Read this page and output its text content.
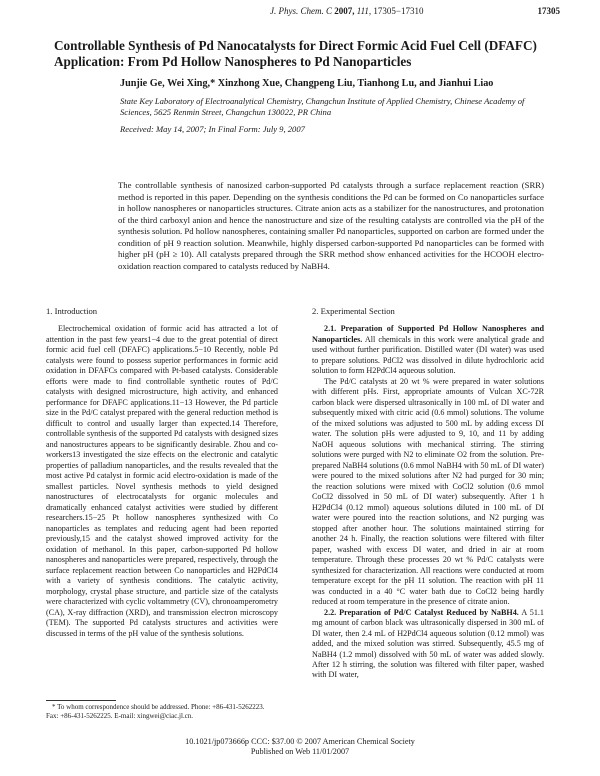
J. Phys. Chem. C 2007, 111, 17305−17310	17305
Controllable Synthesis of Pd Nanocatalysts for Direct Formic Acid Fuel Cell (DFAFC) Application: From Pd Hollow Nanospheres to Pd Nanoparticles

Junjie Ge, Wei Xing,* Xinzhong Xue, Changpeng Liu, Tianhong Lu, and Jianhui Liao

State Key Laboratory of Electroanalytical Chemistry, Changchun Institute of Applied Chemistry, Chinese Academy of Sciences, 5625 Renmin Street, Changchun 130022, PR China

Received: May 14, 2007; In Final Form: July 9, 2007

The controllable synthesis of nanosized carbon-supported Pd catalysts through a surface replacement reaction (SRR) method is reported in this paper. Depending on the synthesis conditions the Pd can be formed on Co nanoparticles surface in hollow nanospheres or nanoparticles structures. Citrate anion acts as a stabilizer for the nanostructures, and protonation of the third carboxyl anion and hence the nanostructure and size of the resulting catalysts are controlled via the pH of the synthesis solution. Pd hollow nanospheres, containing smaller Pd nanoparticles, supported on carbon are formed under the condition of pH 9 reaction solution. Meanwhile, highly dispersed carbon-supported Pd nanoparticles can be formed with higher pH (pH ≥ 10). All catalysts prepared through the SRR method show enhanced activities for the HCOOH electro-oxidation reaction compared to catalysts reduced by NaBH4.

1. Introduction

Electrochemical oxidation of formic acid has attracted a lot of attention in the past few years1−4 due to the great potential of direct formic acid fuel cell (DFAFC) applications.5−10 Recently, noble Pd catalysts were found to possess superior performances in formic acid oxidation in DFAFCs compared with Pt-based catalysts. Considerable efforts were made to find controllable synthetic routes of Pd/C catalysts with designed microstructure, high activity, and enhanced performance for DFAFC applications.11−13 However, the Pd particle size in the Pd/C catalyst prepared with the general reduction method is difficult to control and usually larger than expected.14 Therefore, controllable synthesis of the supported Pd catalysts with designed sizes and nanostructures appears to be significantly desirable. Zhou and co-workers13 investigated the size effects on the electronic and catalytic properties of palladium nanoparticles, and the results revealed that the most active Pd catalyst in formic acid electro-oxidation is made of the smallest particles. Novel synthesis methods to yield designed nanostructures of electrocatalysts for organic molecules and dramatically enhanced catalyst activities were studied by different researchers.15−25 Pt hollow nanospheres synthesized with Co nanoparticles as templates and reducing agent had been reported previously,15 and the catalyst showed improved activity for the oxidation of methanol. In this paper, carbon-supported Pd hollow nanospheres and nanoparticles were prepared, respectively, through the surface replacement reaction between Co nanoparticles and H2PdCl4 with a variety of synthesis conditions. The catalytic activity, morphology, crystal phase structure, and particle size of the catalysts were characterized with cyclic voltammetry (CV), chronoamperometry (CA), X-ray diffraction (XRD), and transmission electron microscopy (TEM). The supported Pd catalysts structures and activities were discussed in terms of the pH value of the synthesis solutions.

* To whom correspondence should be addressed. Phone: +86-431-5262223. Fax: +86-431-5262225. E-mail: xingwei@ciac.jl.cn.

2. Experimental Section

2.1. Preparation of Supported Pd Hollow Nanospheres and Nanoparticles. All chemicals in this work were analytical grade and used without further purification. Distilled water (DI water) was used to prepare solutions. PdCl2 was dissolved in dilute hydrochloric acid solution to form H2PdCl4 aqueous solution.

The Pd/C catalysts at 20 wt % were prepared in water solutions with different pHs. First, appropriate amounts of Vulcan XC-72R carbon black were dispersed ultrasonically in 100 mL of DI water and subsequently mixed with citric acid (0.6 mmol) solutions. The volume of the mixed solutions was adjusted to 500 mL by adding excess DI water. The solution pHs were adjusted to 9, 10, and 11 by adding NaOH aqueous solutions with mechanical stirring. The stirring solutions were purged with N2 to eliminate O2 from the solution. Pre-prepared NaBH4 solutions (0.6 mmol NaBH4 with 50 mL of DI water) were poured to the mixed solutions after N2 had purged for 30 min; the reaction solutions were mixed with CoCl2 solution (0.6 mmol CoCl2 dissolved in 50 mL of DI water) subsequently. After 1 h H2PdCl4 (0.12 mmol) aqueous solutions diluted in 100 mL of DI water were poured into the reaction solutions, and N2 purging was stopped after another hour. The solutions maintained stirring for another 24 h. Finally, the reaction solutions were filtered with filter paper, washed with excess DI water, and dried in air at room temperature. Through these processes 20 wt % Pd/C catalysts were synthesized for characterization. All reactions were conducted at room temperature except for the pH 11 solution. The reaction with pH 11 was conducted in a 40 °C water bath due to CoCl2 being hardly reduced at room temperature in the presence of citrate anion.

2.2. Preparation of Pd/C Catalyst Reduced by NaBH4. A 51.1 mg amount of carbon black was ultrasonically dispersed in 300 mL of DI water, then 2.4 mL of H2PdCl4 aqueous solution (0.12 mmol) was added, and the mixed solution was stirred. Subsequently, 45.5 mg of NaBH4 (1.2 mmol) dissolved with 50 mL of water was added slowly. After 12 h stirring, the solution was filtered with filter paper, washed with DI water,

10.1021/jp073666p CCC: $37.00 © 2007 American Chemical Society
Published on Web 11/01/2007
